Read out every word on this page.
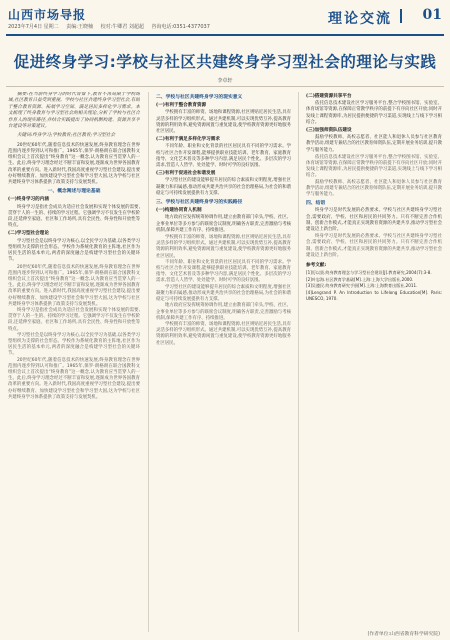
山西市场导报
2023年7月4日 星期二 责编:王晓楠 校对:牛卿君 刘超超 咨询电话:0351-4377037	理论交流 01
促进终身学习:学校与社区共建终身学习型社会的理论与实践
李卓轩

摘要:在当前终身学习的时代背景下,教育不再局限于学校场域,社区教育日益受到重视。学校与社区共建终身学习型社会,有助于整合教育资源、拓展学习空间、满足居民多样化学习需求。本文梳理了终身教育与学习型社会的相关理论,分析了学校与社区合作育人的现实路径,并结合实践提出了协同机制构建、资源共享平台建设等对策建议。

关键词:终身学习;学校教育;社区教育;学习型社会

20世纪60年代,随着信息技术的快速发展,终身教育理念在世界范围内逐步得到认可和推广。1965年,保罗·朗格朗在联合国教科文组织会议上首次提出“终身教育”这一概念,认为教育应当贯穿人的一生。此后,终身学习理念经过不断丰富和发展,逐渐成为世界各国教育改革的重要方向。进入新时代,我国高度重视学习型社会建设,提出要办好继续教育、加快建设学习型社会和学习型大国,这为学校与社区共建终身学习体系提供了政策支持与发展契机。

一、概念阐述与理论基础
(一)终身学习的内涵

终身学习是指社会成员为适应社会发展和实现个体发展的需要,贯穿于人的一生的、持续的学习过程。它强调学习不仅发生在学校阶段,还延伸至家庭、社区和工作场所,具有全民性、终身性和开放性等特点。

(二)学习型社会理论

学习型社会是以终身学习为核心,以全民学习为基础,以各类学习型组织为支撑的社会形态。学校作为系统化教育的主阵地,社区作为居民生活的基本单元,两者的深度融合是构建学习型社会的关键环节。

20世纪60年代,随着信息技术的快速发展,终身教育理念在世界范围内逐步得到认可和推广。1965年,保罗·朗格朗在联合国教科文组织会议上首次提出“终身教育”这一概念,认为教育应当贯穿人的一生。此后,终身学习理念经过不断丰富和发展,逐渐成为世界各国教育改革的重要方向。进入新时代,我国高度重视学习型社会建设,提出要办好继续教育、加快建设学习型社会和学习型大国,这为学校与社区共建终身学习体系提供了政策支持与发展契机。

终身学习是指社会成员为适应社会发展和实现个体发展的需要,贯穿于人的一生的、持续的学习过程。它强调学习不仅发生在学校阶段,还延伸至家庭、社区和工作场所,具有全民性、终身性和开放性等特点。

学习型社会是以终身学习为核心,以全民学习为基础,以各类学习型组织为支撑的社会形态。学校作为系统化教育的主阵地,社区作为居民生活的基本单元,两者的深度融合是构建学习型社会的关键环节。

20世纪60年代,随着信息技术的快速发展,终身教育理念在世界范围内逐步得到认可和推广。1965年,保罗·朗格朗在联合国教科文组织会议上首次提出“终身教育”这一概念,认为教育应当贯穿人的一生。此后,终身学习理念经过不断丰富和发展,逐渐成为世界各国教育改革的重要方向。进入新时代,我国高度重视学习型社会建设,提出要办好继续教育、加快建设学习型社会和学习型大国,这为学校与社区共建终身学习体系提供了政策支持与发展契机。

二、学校与社区共建终身学习的现实意义
(一)有利于整合教育资源

学校拥有丰富的师资、场地和课程资源,社区则贴近居民生活,具有灵活多样的学习组织形式。通过共建机制,可以实现优势互补,提高教育资源的利用效率,避免资源闲置与重复建设,使学校教育资源更好地服务社区居民。

(二)有利于满足多样化学习需求

不同年龄、职业和文化背景的社区居民具有不同的学习需求。学校与社区合作开发课程,能够提供职业技能培训、老年教育、家庭教育指导、文化艺术普及等多种学习内容,满足居民个性化、多层次的学习需求,营造人人皆学、处处能学、时时可学的良好氛围。

(三)有利于促进社会和谐发展

学习型社区的建设能够提升居民的综合素质和文明程度,增强社区凝聚力和归属感,推动形成共建共治共享的社会治理格局,为社会的和谐稳定与可持续发展提供有力支撑。

三、学校与社区共建终身学习的实践路径
(一)构建协同育人机制

地方政府应发挥统筹协调作用,建立由教育部门牵头,学校、社区、企事业单位等多方参与的联席会议制度,明确各方职责,完善激励与考核机制,保障共建工作有序、持续推进。

学校拥有丰富的师资、场地和课程资源,社区则贴近居民生活,具有灵活多样的学习组织形式。通过共建机制,可以实现优势互补,提高教育资源的利用效率,避免资源闲置与重复建设,使学校教育资源更好地服务社区居民。

不同年龄、职业和文化背景的社区居民具有不同的学习需求。学校与社区合作开发课程,能够提供职业技能培训、老年教育、家庭教育指导、文化艺术普及等多种学习内容,满足居民个性化、多层次的学习需求,营造人人皆学、处处能学、时时可学的良好氛围。

学习型社区的建设能够提升居民的综合素质和文明程度,增强社区凝聚力和归属感,推动形成共建共治共享的社会治理格局,为社会的和谐稳定与可持续发展提供有力支撑。

地方政府应发挥统筹协调作用,建立由教育部门牵头,学校、社区、企事业单位等多方参与的联席会议制度,明确各方职责,完善激励与考核机制,保障共建工作有序、持续推进。

学校拥有丰富的师资、场地和课程资源,社区则贴近居民生活,具有灵活多样的学习组织形式。通过共建机制,可以实现优势互补,提高教育资源的利用效率,避免资源闲置与重复建设,使学校教育资源更好地服务社区居民。

(二)搭建资源共享平台

依托信息技术建设社区学习服务平台,整合学校图书馆、实验室、体育场馆等资源,在保障正常教学秩序的前提下有序向社区开放;同时开发线上课程资源库,为居民提供便捷的学习渠道,实现线上与线下学习相结合。

(三)加强师资队伍建设

鼓励学校教师、高校志愿者、社区能人和退休人员参与社区教育教学活动,组建专兼结合的社区教育师资队伍,定期开展业务培训,提升教学与服务能力。

依托信息技术建设社区学习服务平台,整合学校图书馆、实验室、体育场馆等资源,在保障正常教学秩序的前提下有序向社区开放;同时开发线上课程资源库,为居民提供便捷的学习渠道,实现线上与线下学习相结合。

鼓励学校教师、高校志愿者、社区能人和退休人员参与社区教育教学活动,组建专兼结合的社区教育师资队伍,定期开展业务培训,提升教学与服务能力。

四、结语

终身学习是时代发展的必然要求。学校与社区共建终身学习型社会,需要政府、学校、社区和居民的共同努力。只有不断完善合作机制、创新合作模式,才能真正实现教育资源的共建共享,推动学习型社会建设迈上新台阶。

终身学习是时代发展的必然要求。学校与社区共建终身学习型社会,需要政府、学校、社区和居民的共同努力。只有不断完善合作机制、创新合作模式,才能真正实现教育资源的共建共享,推动学习型社会建设迈上新台阶。

参考文献:
[1]厉以贤.终身教育理念与学习型社会建设[J].教育研究,2004(7):3-8.
[2]叶忠海.社区教育学基础[M].上海:上海大学出版社,2000.
[3]吴遵民.终身教育研究手册[M].上海:上海教育出版社,2011.
[4]Lengrand P. An Introduction to Lifelong Education[M]. Paris: UNESCO, 1970.
(作者单位:山西省教育科学研究院)
